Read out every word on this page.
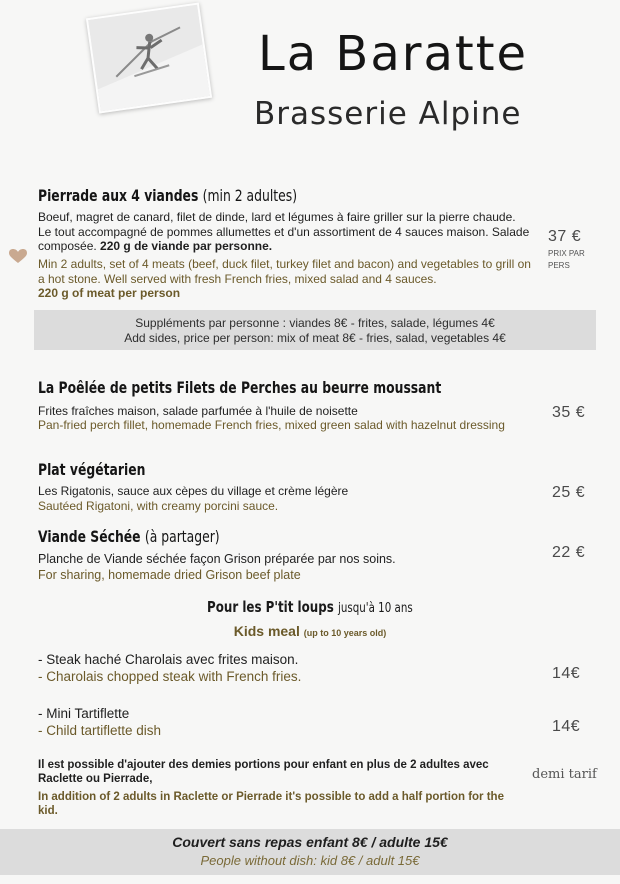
La Baratte
Brasserie Alpine
Pierrade aux 4 viandes (min 2 adultes)
Boeuf, magret de canard, filet de dinde, lard et légumes à faire griller sur la pierre chaude. Le tout accompagné de pommes allumettes et d'un assortiment de 4 sauces maison. Salade composée. 220 g de viande par personne.
Min 2 adults, set of 4 meats (beef, duck filet, turkey filet and bacon) and vegetables to grill on a hot stone. Well served with fresh French fries, mixed salad and 4 sauces.
220 g of meat per person
37 €
PRIX PAR
PERS
Suppléments par personne : viandes 8€ - frites, salade, légumes 4€
Add sides, price per person: mix of meat 8€ - fries, salad, vegetables 4€
La Poêlée de petits Filets de Perches au beurre moussant
Frites fraîches maison, salade parfumée à l'huile de noisette
Pan-fried perch fillet, homemade French fries, mixed green salad with hazelnut dressing
35 €
Plat végétarien
Les Rigatonis, sauce aux cèpes du village et crème légère
Sautéed Rigatoni, with creamy porcini sauce.
25 €
Viande Séchée (à partager)
Planche de Viande séchée façon Grison préparée par nos soins.
For sharing, homemade dried Grison beef plate
22 €
Pour les P'tit loups jusqu'à 10 ans
Kids meal (up to 10 years old)
- Steak haché Charolais avec frites maison.
- Charolais chopped steak with French fries.	14€
- Mini Tartiflette
- Child tartiflette dish	14€
Il est possible d'ajouter des demies portions pour enfant en plus de 2 adultes avec Raclette ou Pierrade,
In addition of 2 adults in Raclette or Pierrade it's possible to add a half portion for the kid.
demi tarif
Couvert sans repas enfant 8€ / adulte 15€
People without dish: kid 8€ / adult 15€
